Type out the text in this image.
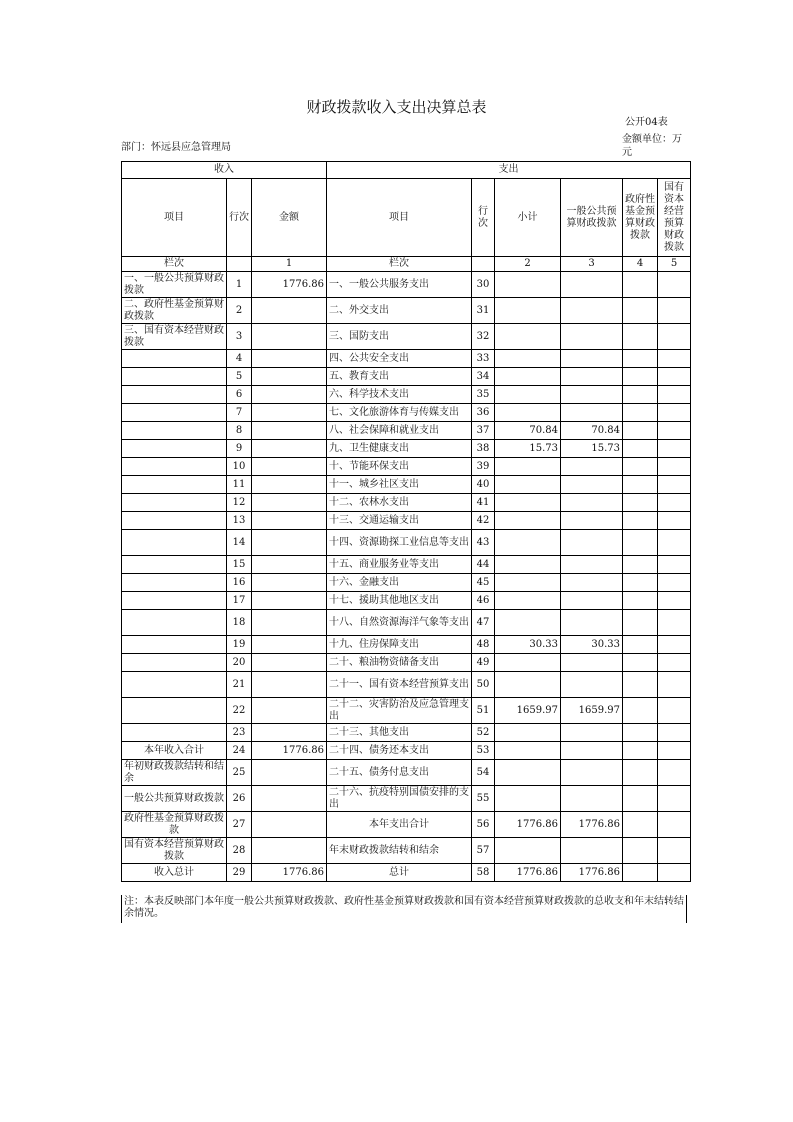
财政拨款收入支出决算总表
公开04表
部门：怀远县应急管理局
金额单位：万元
收入			支出					
项目	行次	金额	项目	行次	小计	一般公共预算财政拨款	政府性基金预算财政拨款	国有资本经营预算财政拨款
栏次		1	栏次		2	3	4	5
一、一般公共预算财政拨款	1	1776.86	一、一般公共服务支出	30				
二、政府性基金预算财政拨款	2		二、外交支出	31				
三、国有资本经营财政拨款	3		三、国防支出	32				
	4		四、公共安全支出	33				
	5		五、教育支出	34				
	6		六、科学技术支出	35				
	7		七、文化旅游体育与传媒支出	36				
	8		八、社会保障和就业支出	37	70.84	70.84		
	9		九、卫生健康支出	38	15.73	15.73		
	10		十、节能环保支出	39				
	11		十一、城乡社区支出	40				
	12		十二、农林水支出	41				
	13		十三、交通运输支出	42				
	14		十四、资源勘探工业信息等支出	43				
	15		十五、商业服务业等支出	44				
	16		十六、金融支出	45				
	17		十七、援助其他地区支出	46				
	18		十八、自然资源海洋气象等支出	47				
	19		十九、住房保障支出	48	30.33	30.33		
	20		二十、粮油物资储备支出	49				
	21		二十一、国有资本经营预算支出	50				
	22		二十二、灾害防治及应急管理支出	51	1659.97	1659.97		
	23		二十三、其他支出	52				
本年收入合计	24	1776.86	二十四、债务还本支出	53				
年初财政拨款结转和结余	25		二十五、债务付息支出	54				
一般公共预算财政拨款	26		二十六、抗疫特别国债安排的支出	55				
政府性基金预算财政拨款	27		本年支出合计	56	1776.86	1776.86		
国有资本经营预算财政拨款	28		年末财政拨款结转和结余	57				
收入总计	29	1776.86	总计	58	1776.86	1776.86		
注：本表反映部门本年度一般公共预算财政拨款、政府性基金预算财政拨款和国有资本经营预算财政拨款的总收支和年末结转结余情况。
